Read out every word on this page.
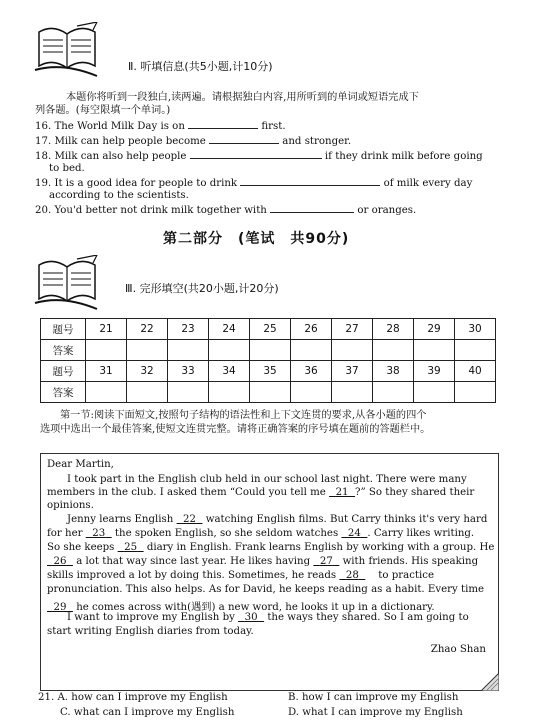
Ⅱ. 听填信息(共5小题,计10分)
本题你将听到一段独白,读两遍。请根据独白内容,用所听到的单词或短语完成下
列各题。(每空限填一个单词。)
16. The World Milk Day is on	first.
17. Milk can help people become	and stronger.
18. Milk can also help people	if they drink milk before going
to bed.
19. It is a good idea for people to drink	of milk every day
according to the scientists.
20. You'd better not drink milk together with	or oranges.
第二部分　(笔试　共90分)
Ⅲ. 完形填空(共20小题,计20分)
题号	21	22	23	24	25	26	27	28	29	30
答案										
题号	31	32	33	34	35	36	37	38	39	40
答案										
第一节:阅读下面短文,按照句子结构的语法性和上下文连贯的要求,从各小题的四个
选项中选出一个最佳答案,使短文连贯完整。请将正确答案的序号填在题前的答题栏中。
Dear Martin,
I took part in the English club held in our school last night. There were many
members in the club. I asked them “Could you tell me 21 ?” So they shared their
opinions.
Jenny learns English 22 watching English films. But Carry thinks it's very hard
for her 23 the spoken English, so she seldom watches 24 . Carry likes writing.
So she keeps 25 diary in English. Frank learns English by working with a group. He
26 a lot that way since last year. He likes having 27 with friends. His speaking
skills improved a lot by doing this. Sometimes, he reads 28 to practice
pronunciation. This also helps. As for David, he keeps reading as a habit. Every time
29 he comes across with(遇到) a new word, he looks it up in a dictionary.
I want to improve my English by 30 the ways they shared. So I am going to
start writing English diaries from today.
Zhao Shan
21. A. how can I improve my English	B. how I can improve my English
C. what can I improve my English	D. what I can improve my English
